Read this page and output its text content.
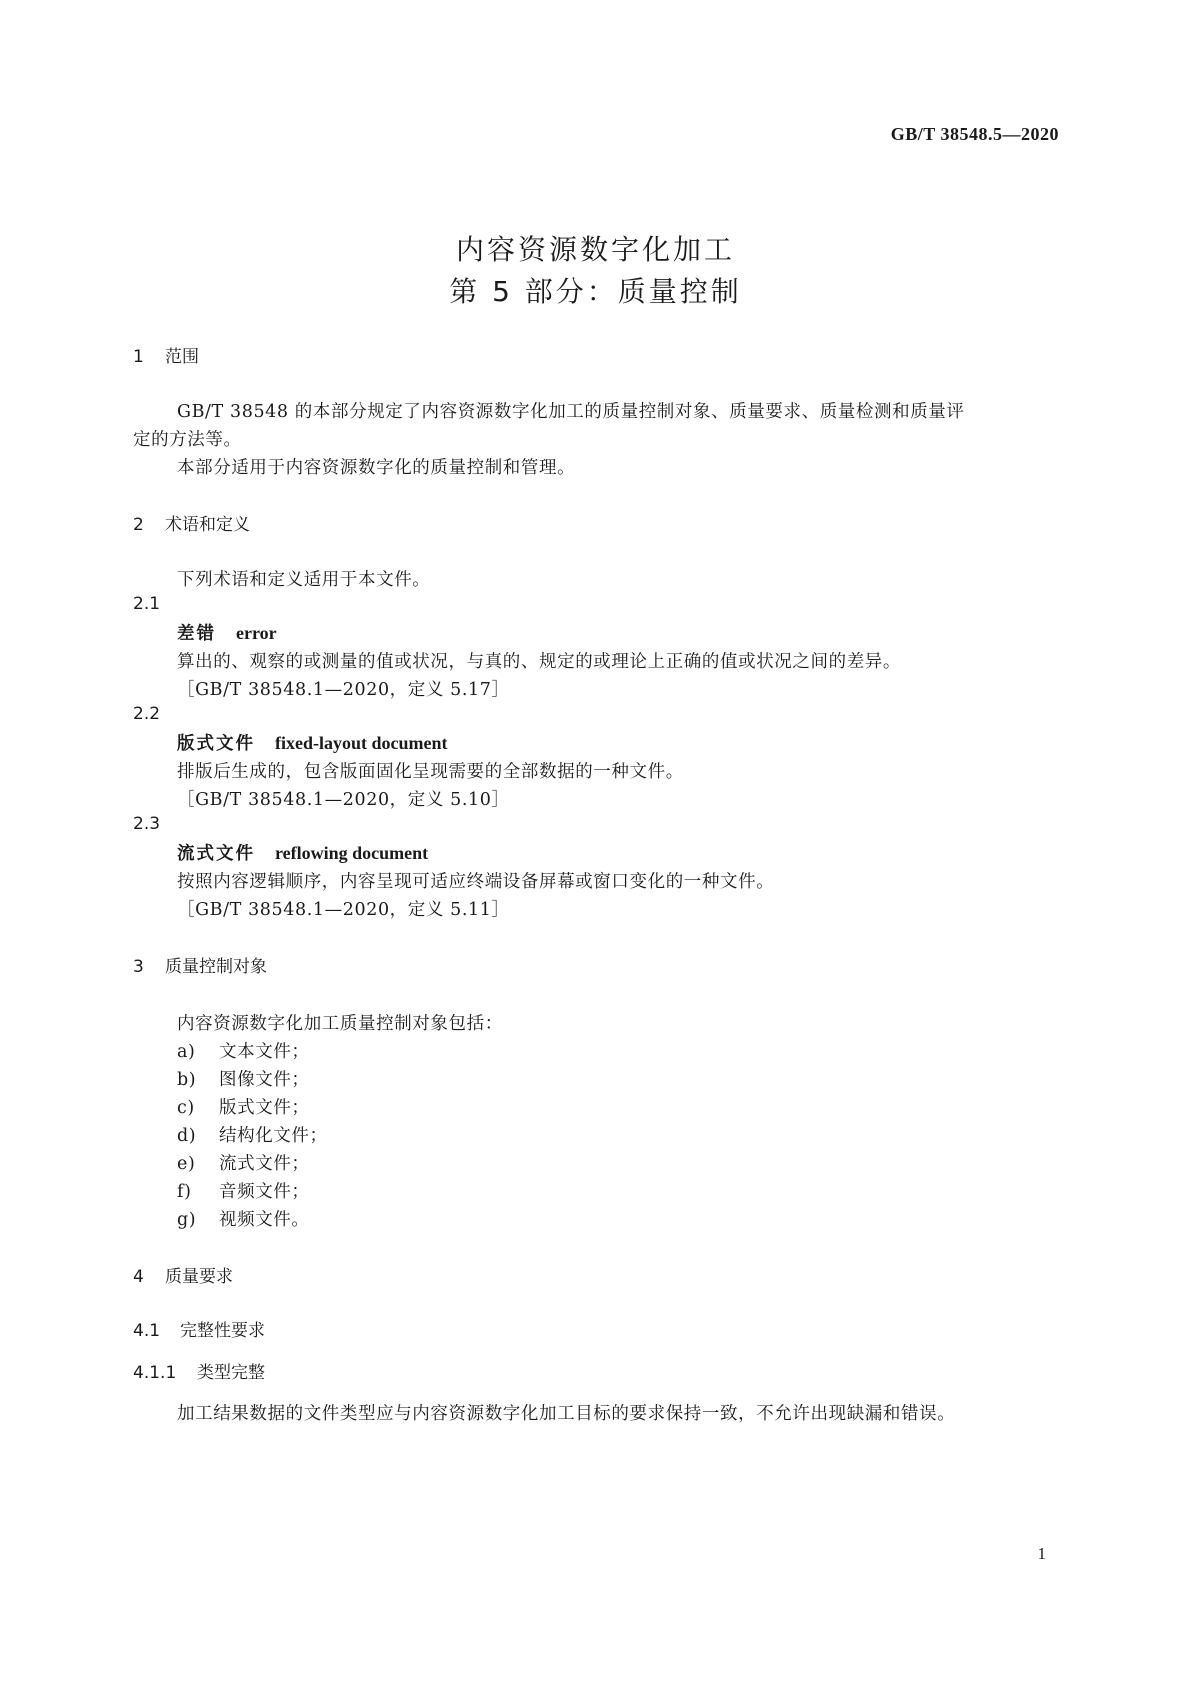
GB/T 38548.5—2020
内容资源数字化加工
第 5 部分：质量控制
1 范围
GB/T 38548 的本部分规定了内容资源数字化加工的质量控制对象、质量要求、质量检测和质量评
定的方法等。
本部分适用于内容资源数字化的质量控制和管理。
2 术语和定义
下列术语和定义适用于本文件。
2.1
差错 error
算出的、观察的或测量的值或状况，与真的、规定的或理论上正确的值或状况之间的差异。
［GB/T 38548.1—2020，定义 5.17］
2.2
版式文件 fixed-layout document
排版后生成的，包含版面固化呈现需要的全部数据的一种文件。
［GB/T 38548.1—2020，定义 5.10］
2.3
流式文件 reflowing document
按照内容逻辑顺序，内容呈现可适应终端设备屏幕或窗口变化的一种文件。
［GB/T 38548.1—2020，定义 5.11］
3 质量控制对象
内容资源数字化加工质量控制对象包括：
a) 文本文件；
b) 图像文件；
c) 版式文件；
d) 结构化文件；
e) 流式文件；
f) 音频文件；
g) 视频文件。
4 质量要求
4.1 完整性要求
4.1.1 类型完整
加工结果数据的文件类型应与内容资源数字化加工目标的要求保持一致，不允许出现缺漏和错误。
1
